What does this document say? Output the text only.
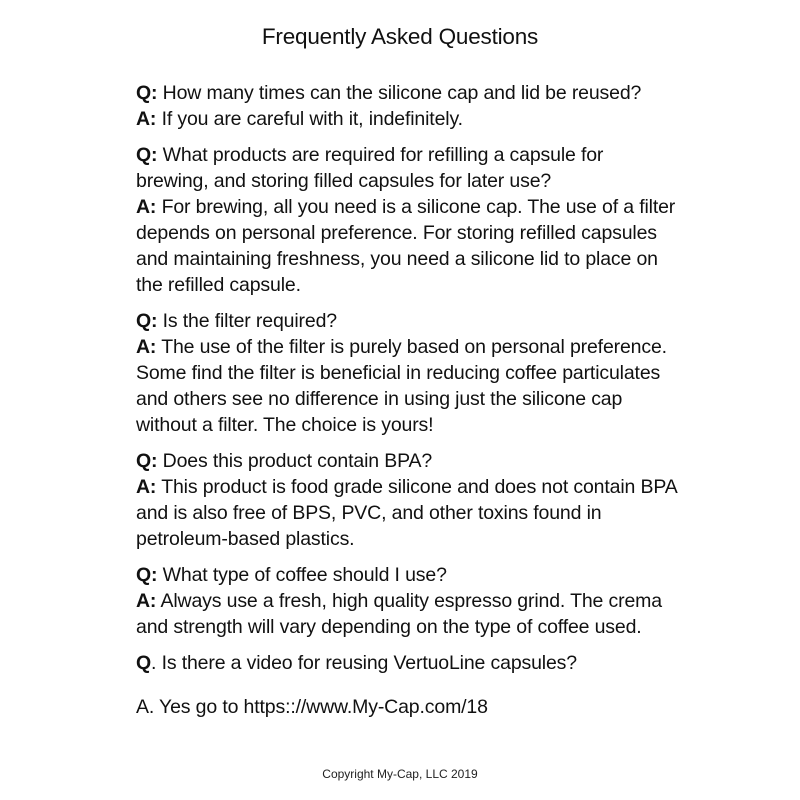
Frequently Asked Questions

Q: How many times can the silicone cap and lid be reused?

A: If you are careful with it, indefinitely.

Q: What products are required for refilling a capsule for brewing, and storing filled capsules for later use?

A: For brewing, all you need is a silicone cap. The use of a filter depends on personal preference. For storing refilled capsules and maintaining freshness, you need a silicone lid to place on the refilled capsule.

Q: Is the filter required?

A: The use of the filter is purely based on personal preference. Some find the filter is beneficial in reducing coffee particulates and others see no difference in using just the silicone cap without a filter. The choice is yours!

Q: Does this product contain BPA?

A: This product is food grade silicone and does not contain BPA and is also free of BPS, PVC, and other toxins found in petroleum-based plastics.

Q: What type of coffee should I use?

A: Always use a fresh, high quality espresso grind. The crema and strength will vary depending on the type of coffee used.

Q. Is there a video for reusing VertuoLine capsules?

A. Yes go to https:://www.My-Cap.com/18

Copyright My-Cap, LLC 2019
